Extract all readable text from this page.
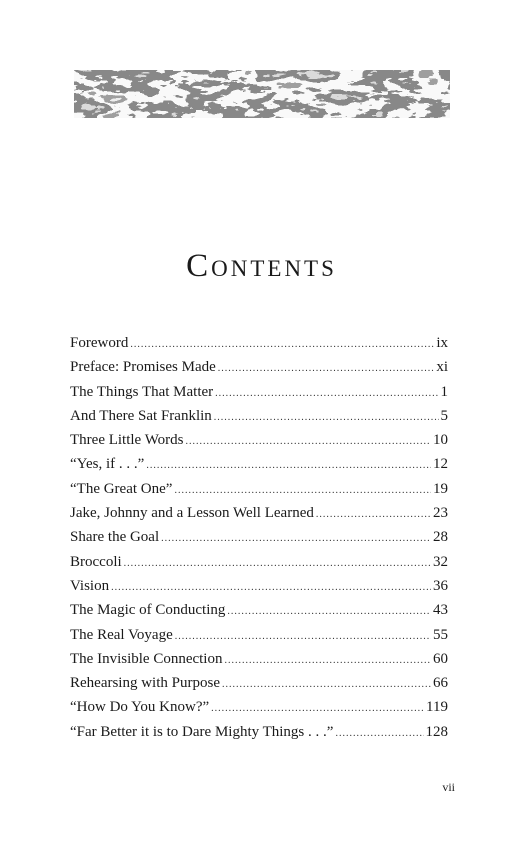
Contents
Foreword .....	ix
Preface: Promises Made .....	xi
The Things That Matter .....	1
And There Sat Franklin .....	5
Three Little Words .....	10
“Yes, if . . .” .....	12
“The Great One” .....	19
Jake, Johnny and a Lesson Well Learned .....	23
Share the Goal .....	28
Broccoli .....	32
Vision .....	36
The Magic of Conducting .....	43
The Real Voyage .....	55
The Invisible Connection .....	60
Rehearsing with Purpose .....	66
“How Do You Know?” .....	119
“Far Better it is to Dare Mighty Things . . .” .....	128
vii
